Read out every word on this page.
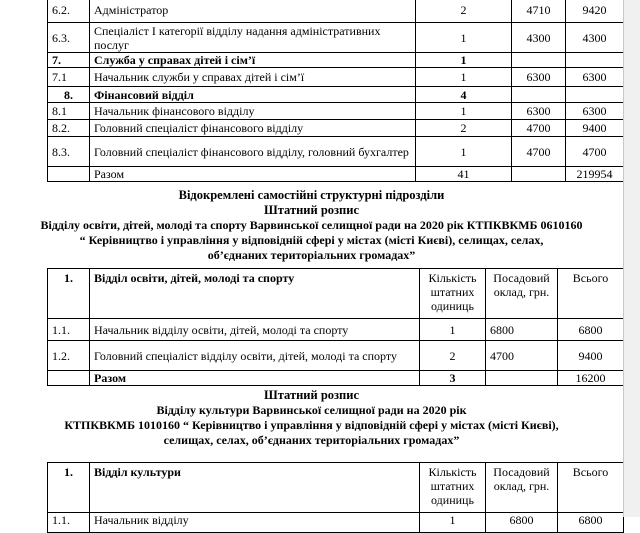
6.2.	Адміністратор	2	4710	9420
6.3.	Спеціаліст І категорії відділу надання адміністративних послуг	1	4300	4300
7.	Служба у справах дітей і сім’ї	1		
7.1	Начальник служби у справах дітей і сім’ї	1	6300	6300
8.	Фінансовий відділ	4		
8.1	Начальник фінансового відділу	1	6300	6300
8.2.	Головний спеціаліст фінансового відділу	2	4700	9400
8.3.	Головний спеціаліст фінансового відділу, головний бухгалтер	1	4700	4700
	Разом	41		219954
Відокремлені самостійні структурні підрозділи
Штатний розпис
Відділу освіти, дітей, молоді та спорту Варвинської селищної ради на 2020 рік КТПКВКМБ 0610160
“ Керівництво і управління у відповідній сфері у містах (місті Києві), селищах, селах,
об’єднаних територіальних громадах”
1.	Відділ освіти, дітей, молоді та спорту	Кількість штатних одиниць	Посадовий оклад, грн.	Всього
1.1.	Начальник відділу освіти, дітей, молоді та спорту	1	6800	6800
1.2.	Головний спеціаліст відділу освіти, дітей, молоді та спорту	2	4700	9400
	Разом	3		16200
Штатний розпис
Відділу культури Варвинської селищної ради на 2020 рік
КТПКВКМБ 1010160 “ Керівництво і управління у відповідній сфері у містах (місті Києві),
селищах, селах, об’єднаних територіальних громадах”
1.	Відділ культури	Кількість штатних одиниць	Посадовий оклад, грн.	Всього
1.1.	Начальник відділу	1	6800	6800
